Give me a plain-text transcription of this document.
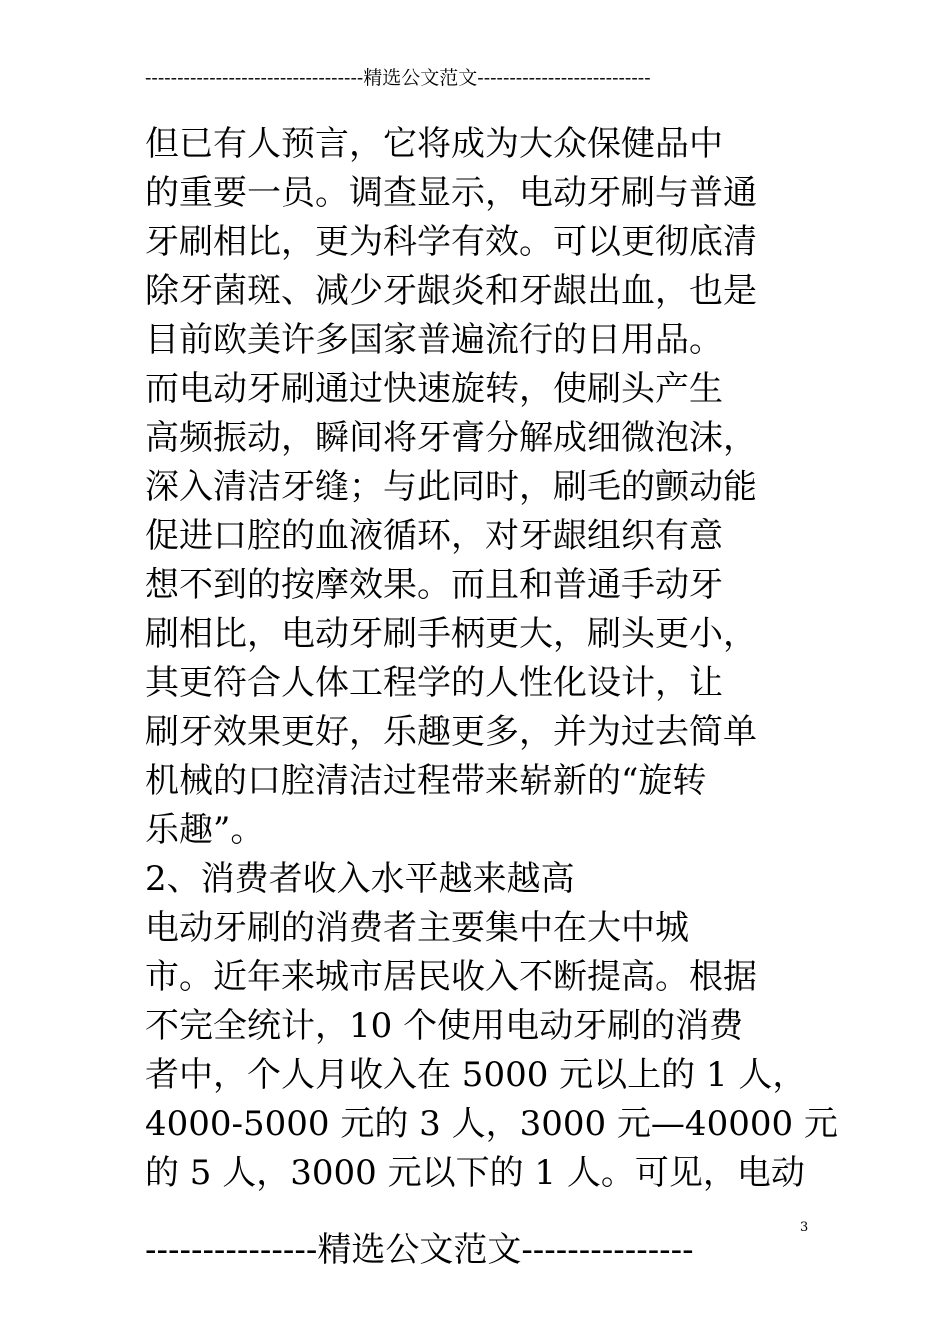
----------------------------------精选公文范文---------------------------
但已有人预言，它将成为大众保健品中
的重要一员。调查显示，电动牙刷与普通
牙刷相比，更为科学有效。可以更彻底清
除牙菌斑、减少牙龈炎和牙龈出血，也是
目前欧美许多国家普遍流行的日用品。
而电动牙刷通过快速旋转，使刷头产生
高频振动，瞬间将牙膏分解成细微泡沫，
深入清洁牙缝；与此同时，刷毛的颤动能
促进口腔的血液循环，对牙龈组织有意
想不到的按摩效果。而且和普通手动牙
刷相比，电动牙刷手柄更大，刷头更小，
其更符合人体工程学的人性化设计，让
刷牙效果更好，乐趣更多，并为过去简单
机械的口腔清洁过程带来崭新的“旋转
乐趣”。
2、消费者收入水平越来越高
电动牙刷的消费者主要集中在大中城
市。近年来城市居民收入不断提高。根据
不完全统计，10 个使用电动牙刷的消费
者中，个人月收入在 5000 元以上的 1 人，
4000-5000 元的 3 人，3000 元—40000 元
的 5 人，3000 元以下的 1 人。可见，电动
---------------精选公文范文---------------
3
